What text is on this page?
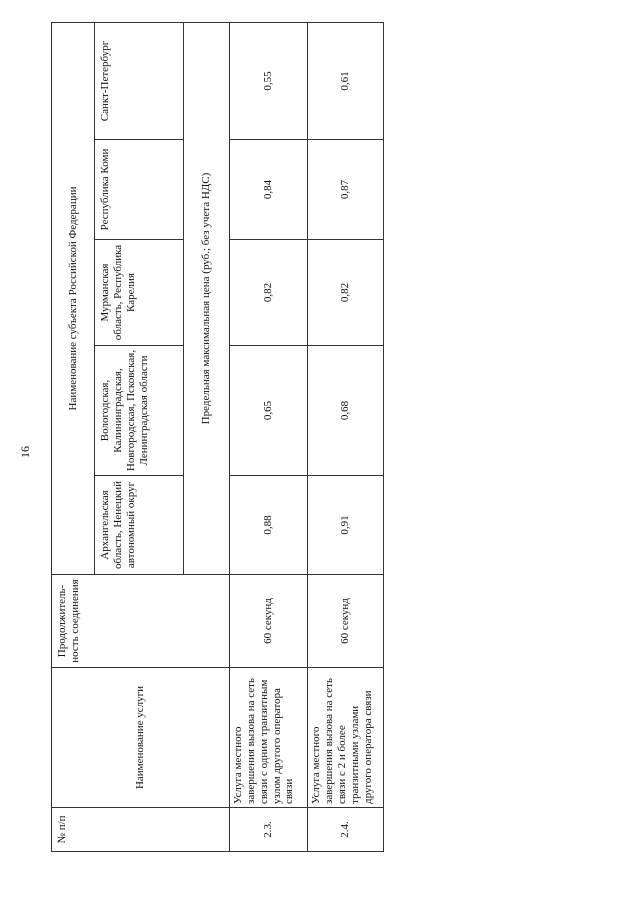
16
№ п/п	Наименование услуги	Продолжитель-ность соединения	Наименование субъекта Российской Федерации				
			Архангельская область, Ненецкий автономный округ	Вологодская, Калининградская, Новгородская, Псковская, Ленинградская области	Мурманская область, Республика Карелия	Республика Коми	Санкт-Петербург
			Предельная максимальная цена (руб.; без учета НДС)				
2.3.	Услуга местного завершения вызова на сеть связи с одним транзитным узлом другого оператора связи	60 секунд	0,88	0,65	0,82	0,84	0,55
2.4.	Услуга местного завершения вызова на сеть связи с 2 и более транзитными узлами другого оператора связи	60 секунд	0,91	0,68	0,82	0,87	0,61
